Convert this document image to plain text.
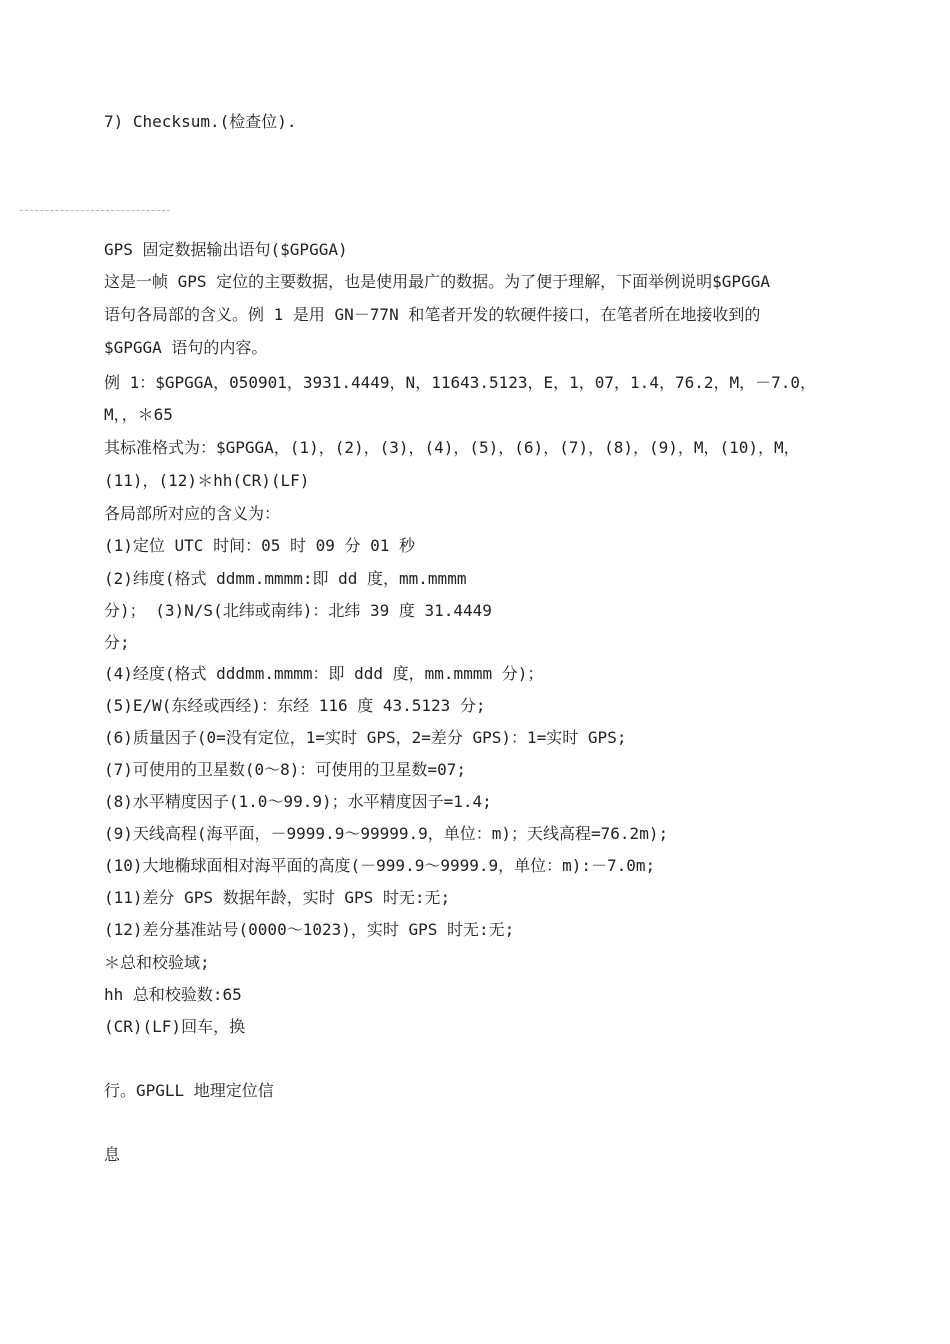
7) Checksum.(检查位).

GPS 固定数据输出语句($GPGGA)

这是一帧 GPS 定位的主要数据，也是使用最广的数据。为了便于理解，下面举例说明$GPGGA

语句各局部的含义。例 1 是用 GN－77N 和笔者开发的软硬件接口，在笔者所在地接收到的

$GPGGA 语句的内容。

例 1：$GPGGA，050901，3931.4449，N，11643.5123，E，1，07，1.4，76.2，M，－7.0，

M，，＊65

其标准格式为：$GPGGA，(1)，(2)，(3)，(4)，(5)，(6)，(7)，(8)，(9)，M，(10)，M，

(11)，(12)＊hh(CR)(LF)

各局部所对应的含义为：

(1)定位 UTC 时间：05 时 09 分 01 秒

(2)纬度(格式 ddmm.mmmm:即 dd 度，mm.mmmm

分)； (3)N/S(北纬或南纬)：北纬 39 度 31.4449

分;

(4)经度(格式 dddmm.mmmm：即 ddd 度，mm.mmmm 分)；

(5)E/W(东经或西经)：东经 116 度 43.5123 分;

(6)质量因子(0=没有定位，1=实时 GPS，2=差分 GPS)：1=实时 GPS;

(7)可使用的卫星数(0～8)：可使用的卫星数=07;

(8)水平精度因子(1.0～99.9)；水平精度因子=1.4;

(9)天线高程(海平面，－9999.9～99999.9，单位：m)；天线高程=76.2m);

(10)大地椭球面相对海平面的高度(－999.9～9999.9，单位：m):－7.0m;

(11)差分 GPS 数据年龄，实时 GPS 时无:无;

(12)差分基准站号(0000～1023)，实时 GPS 时无:无;

＊总和校验域;

hh 总和校验数:65

(CR)(LF)回车，换

行。GPGLL 地理定位信

息
